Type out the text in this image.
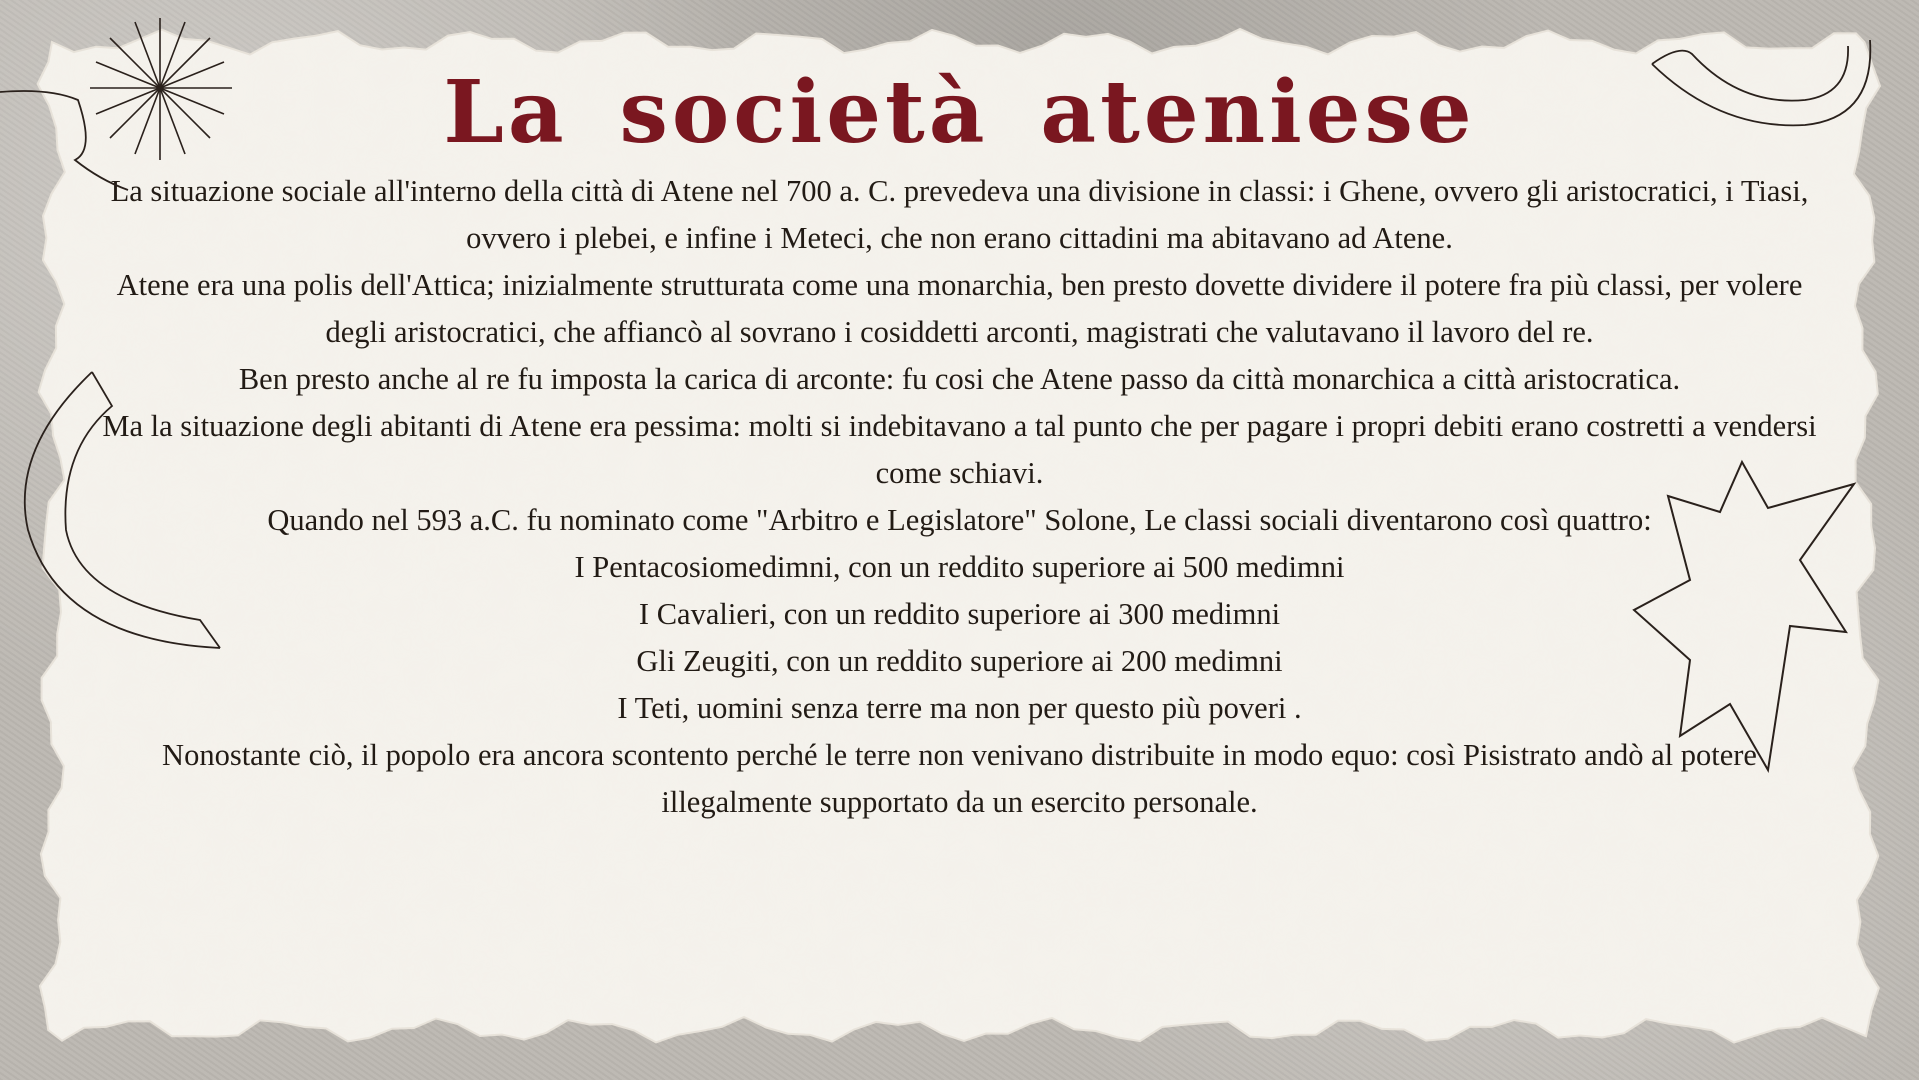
La società ateniese

La situazione sociale all'interno della città di Atene nel 700 a. C. prevedeva una divisione in classi: i Ghene, ovvero gli aristocratici, i Tiasi, ovvero i plebei, e infine i Meteci, che non erano cittadini ma abitavano ad Atene.

Atene era una polis dell'Attica; inizialmente strutturata come una monarchia, ben presto dovette dividere il potere fra più classi, per volere degli aristocratici, che affiancò al sovrano i cosiddetti arconti, magistrati che valutavano il lavoro del re.

Ben presto anche al re fu imposta la carica di arconte: fu cosi che Atene passo da città monarchica a città aristocratica.

Ma la situazione degli abitanti di Atene era pessima: molti si indebitavano a tal punto che per pagare i propri debiti erano costretti a vendersi come schiavi.

Quando nel 593 a.C. fu nominato come "Arbitro e Legislatore" Solone, Le classi sociali diventarono così quattro:

I Pentacosiomedimni, con un reddito superiore ai 500 medimni

I Cavalieri, con un reddito superiore ai 300 medimni

Gli Zeugiti, con un reddito superiore ai 200 medimni

I Teti, uomini senza terre ma non per questo più poveri .

Nonostante ciò, il popolo era ancora scontento perché le terre non venivano distribuite in modo equo: così Pisistrato andò al potere illegalmente supportato da un esercito personale.
